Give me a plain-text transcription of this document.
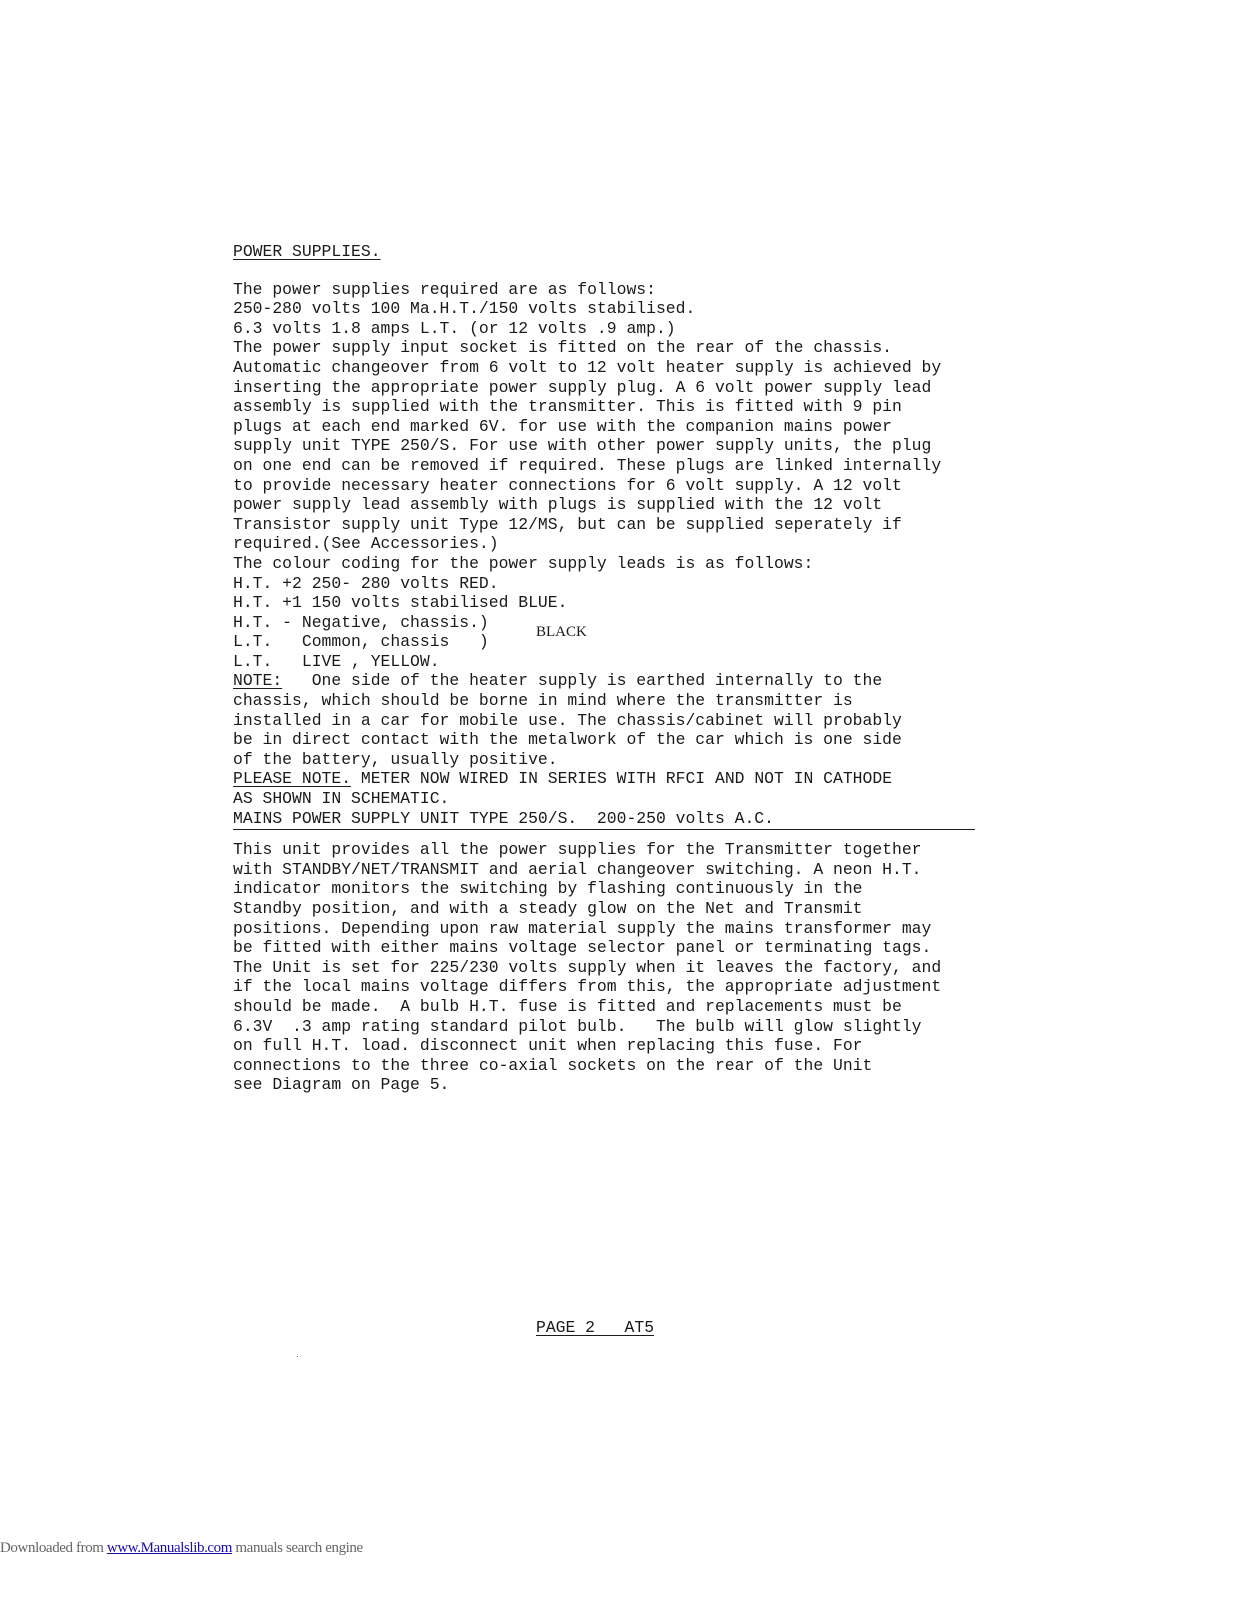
POWER SUPPLIES.
The power supplies required are as follows:
250-280 volts 100 Ma.H.T./150 volts stabilised.
6.3 volts 1.8 amps L.T. (or 12 volts .9 amp.)
The power supply input socket is fitted on the rear of the chassis.
Automatic changeover from 6 volt to 12 volt heater supply is achieved by
inserting the appropriate power supply plug. A 6 volt power supply lead
assembly is supplied with the transmitter. This is fitted with 9 pin
plugs at each end marked 6V. for use with the companion mains power
supply unit TYPE 250/S. For use with other power supply units, the plug
on one end can be removed if required. These plugs are linked internally
to provide necessary heater connections for 6 volt supply. A 12 volt
power supply lead assembly with plugs is supplied with the 12 volt
Transistor supply unit Type 12/MS, but can be supplied seperately if
required.(See Accessories.)
The colour coding for the power supply leads is as follows:
H.T. +2 250- 280 volts RED.
H.T. +1 150 volts stabilised BLUE.
H.T. - Negative, chassis.)
L.T.   Common, chassis   )
BLACK
L.T.   LIVE , YELLOW.
NOTE:   One side of the heater supply is earthed internally to the
chassis, which should be borne in mind where the transmitter is
installed in a car for mobile use. The chassis/cabinet will probably
be in direct contact with the metalwork of the car which is one side
of the battery, usually positive.
PLEASE NOTE. METER NOW WIRED IN SERIES WITH RFCI AND NOT IN CATHODE
AS SHOWN IN SCHEMATIC.
MAINS POWER SUPPLY UNIT TYPE 250/S.  200-250 volts A.C.
This unit provides all the power supplies for the Transmitter together
with STANDBY/NET/TRANSMIT and aerial changeover switching. A neon H.T.
indicator monitors the switching by flashing continuously in the
Standby position, and with a steady glow on the Net and Transmit
positions. Depending upon raw material supply the mains transformer may
be fitted with either mains voltage selector panel or terminating tags.
The Unit is set for 225/230 volts supply when it leaves the factory, and
if the local mains voltage differs from this, the appropriate adjustment
should be made.  A bulb H.T. fuse is fitted and replacements must be
6.3V  .3 amp rating standard pilot bulb.   The bulb will glow slightly
on full H.T. load. disconnect unit when replacing this fuse. For
connections to the three co-axial sockets on the rear of the Unit
see Diagram on Page 5.
PAGE 2   AT5
Downloaded from www.Manualslib.com manuals search engine
